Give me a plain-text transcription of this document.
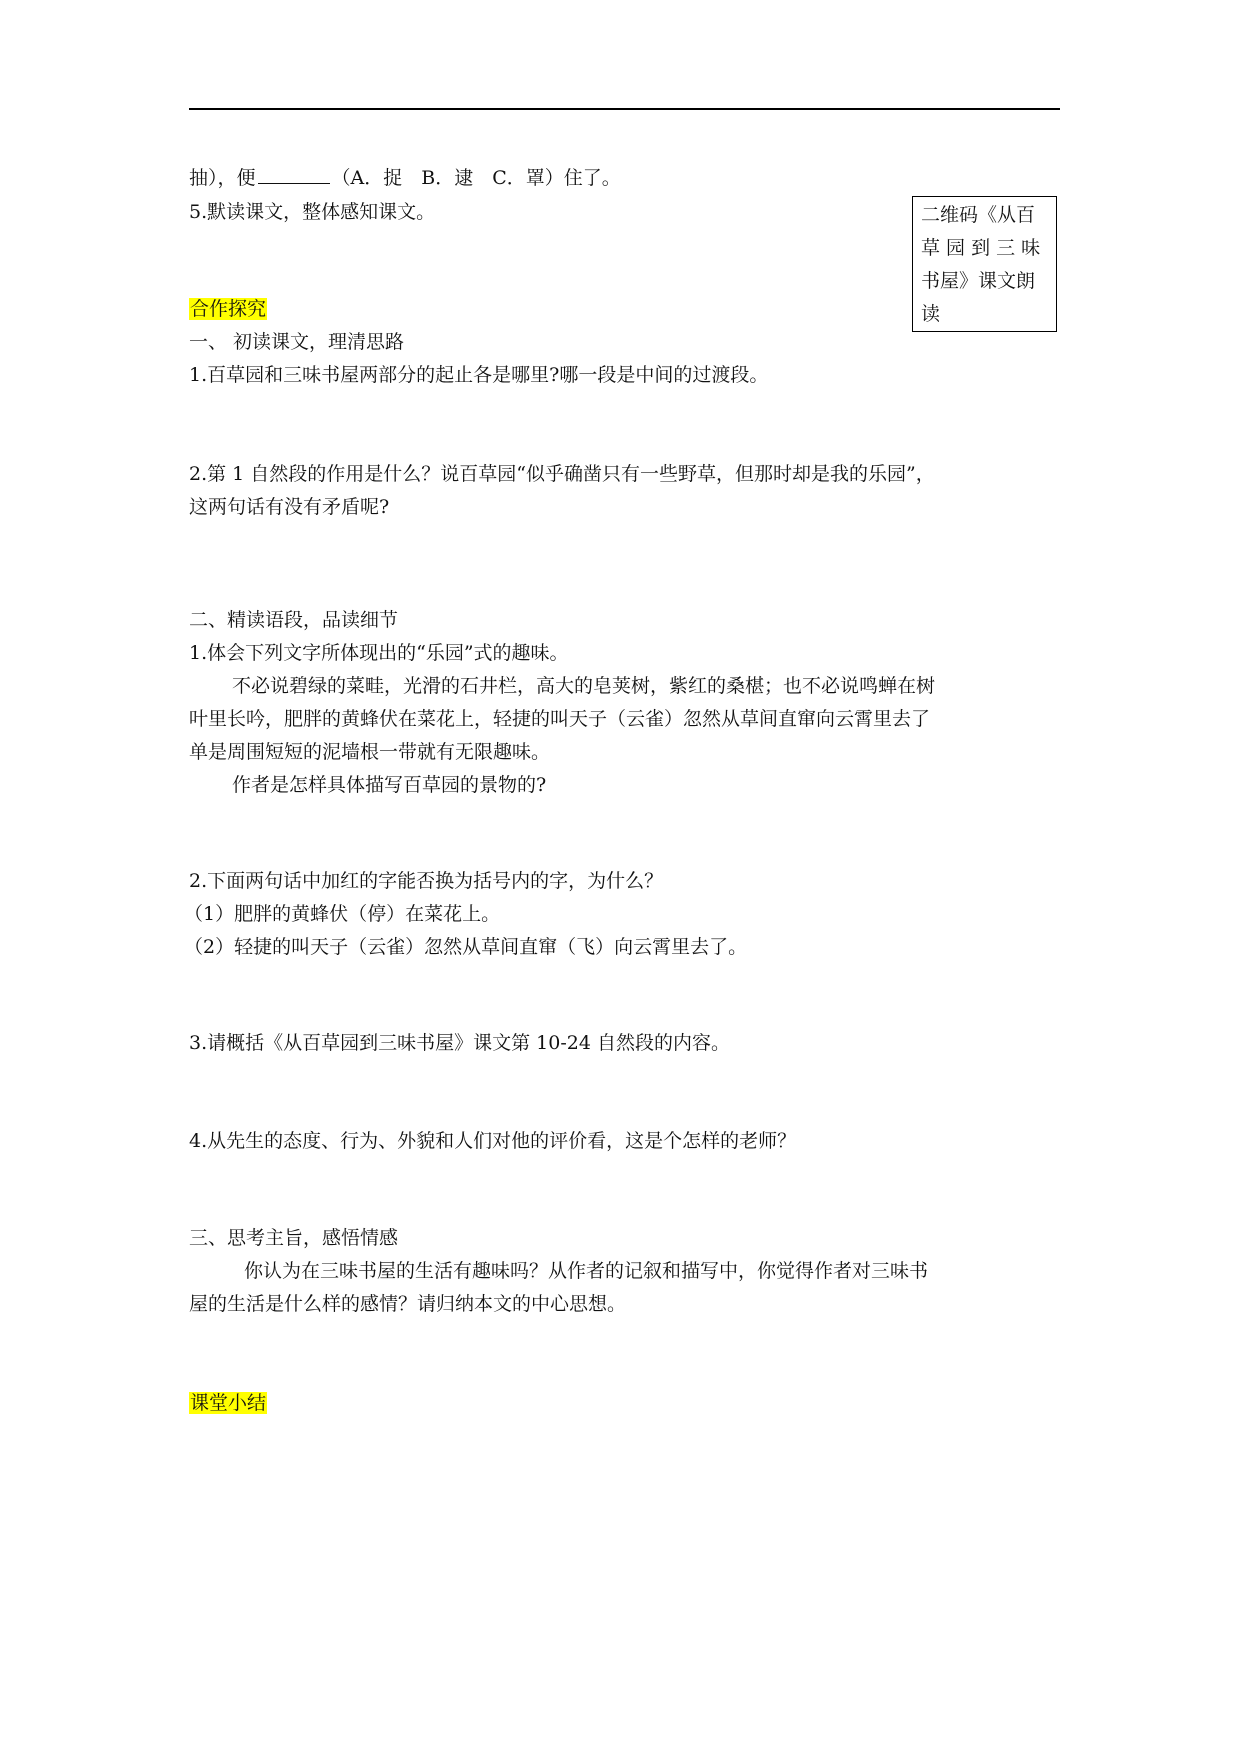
抽），便	（A．捉　B．逮　C．罩）住了。
5.默读课文，整体感知课文。	二维码《从百
草 园 到 三 味
书屋》课文朗
读
合作探究
一、 初读课文，理清思路
1.百草园和三味书屋两部分的起止各是哪里?哪一段是中间的过渡段。
2.第 1 自然段的作用是什么？说百草园“似乎确凿只有一些野草，但那时却是我的乐园”，
这两句话有没有矛盾呢?
二、精读语段，品读细节
1.体会下列文字所体现出的“乐园”式的趣味。
不必说碧绿的菜畦，光滑的石井栏，高大的皂荚树，紫红的桑椹；也不必说鸣蝉在树
叶里长吟，肥胖的黄蜂伏在菜花上，轻捷的叫天子（云雀）忽然从草间直窜向云霄里去了
单是周围短短的泥墙根一带就有无限趣味。
作者是怎样具体描写百草园的景物的?
2.下面两句话中加红的字能否换为括号内的字，为什么？
（1）肥胖的黄蜂伏（停）在菜花上。
（2）轻捷的叫天子（云雀）忽然从草间直窜（飞）向云霄里去了。
3.请概括《从百草园到三味书屋》课文第 10-24 自然段的内容。
4.从先生的态度、行为、外貌和人们对他的评价看，这是个怎样的老师？
三、思考主旨，感悟情感
你认为在三味书屋的生活有趣味吗？从作者的记叙和描写中，你觉得作者对三味书
屋的生活是什么样的感情？请归纳本文的中心思想。
课堂小结
